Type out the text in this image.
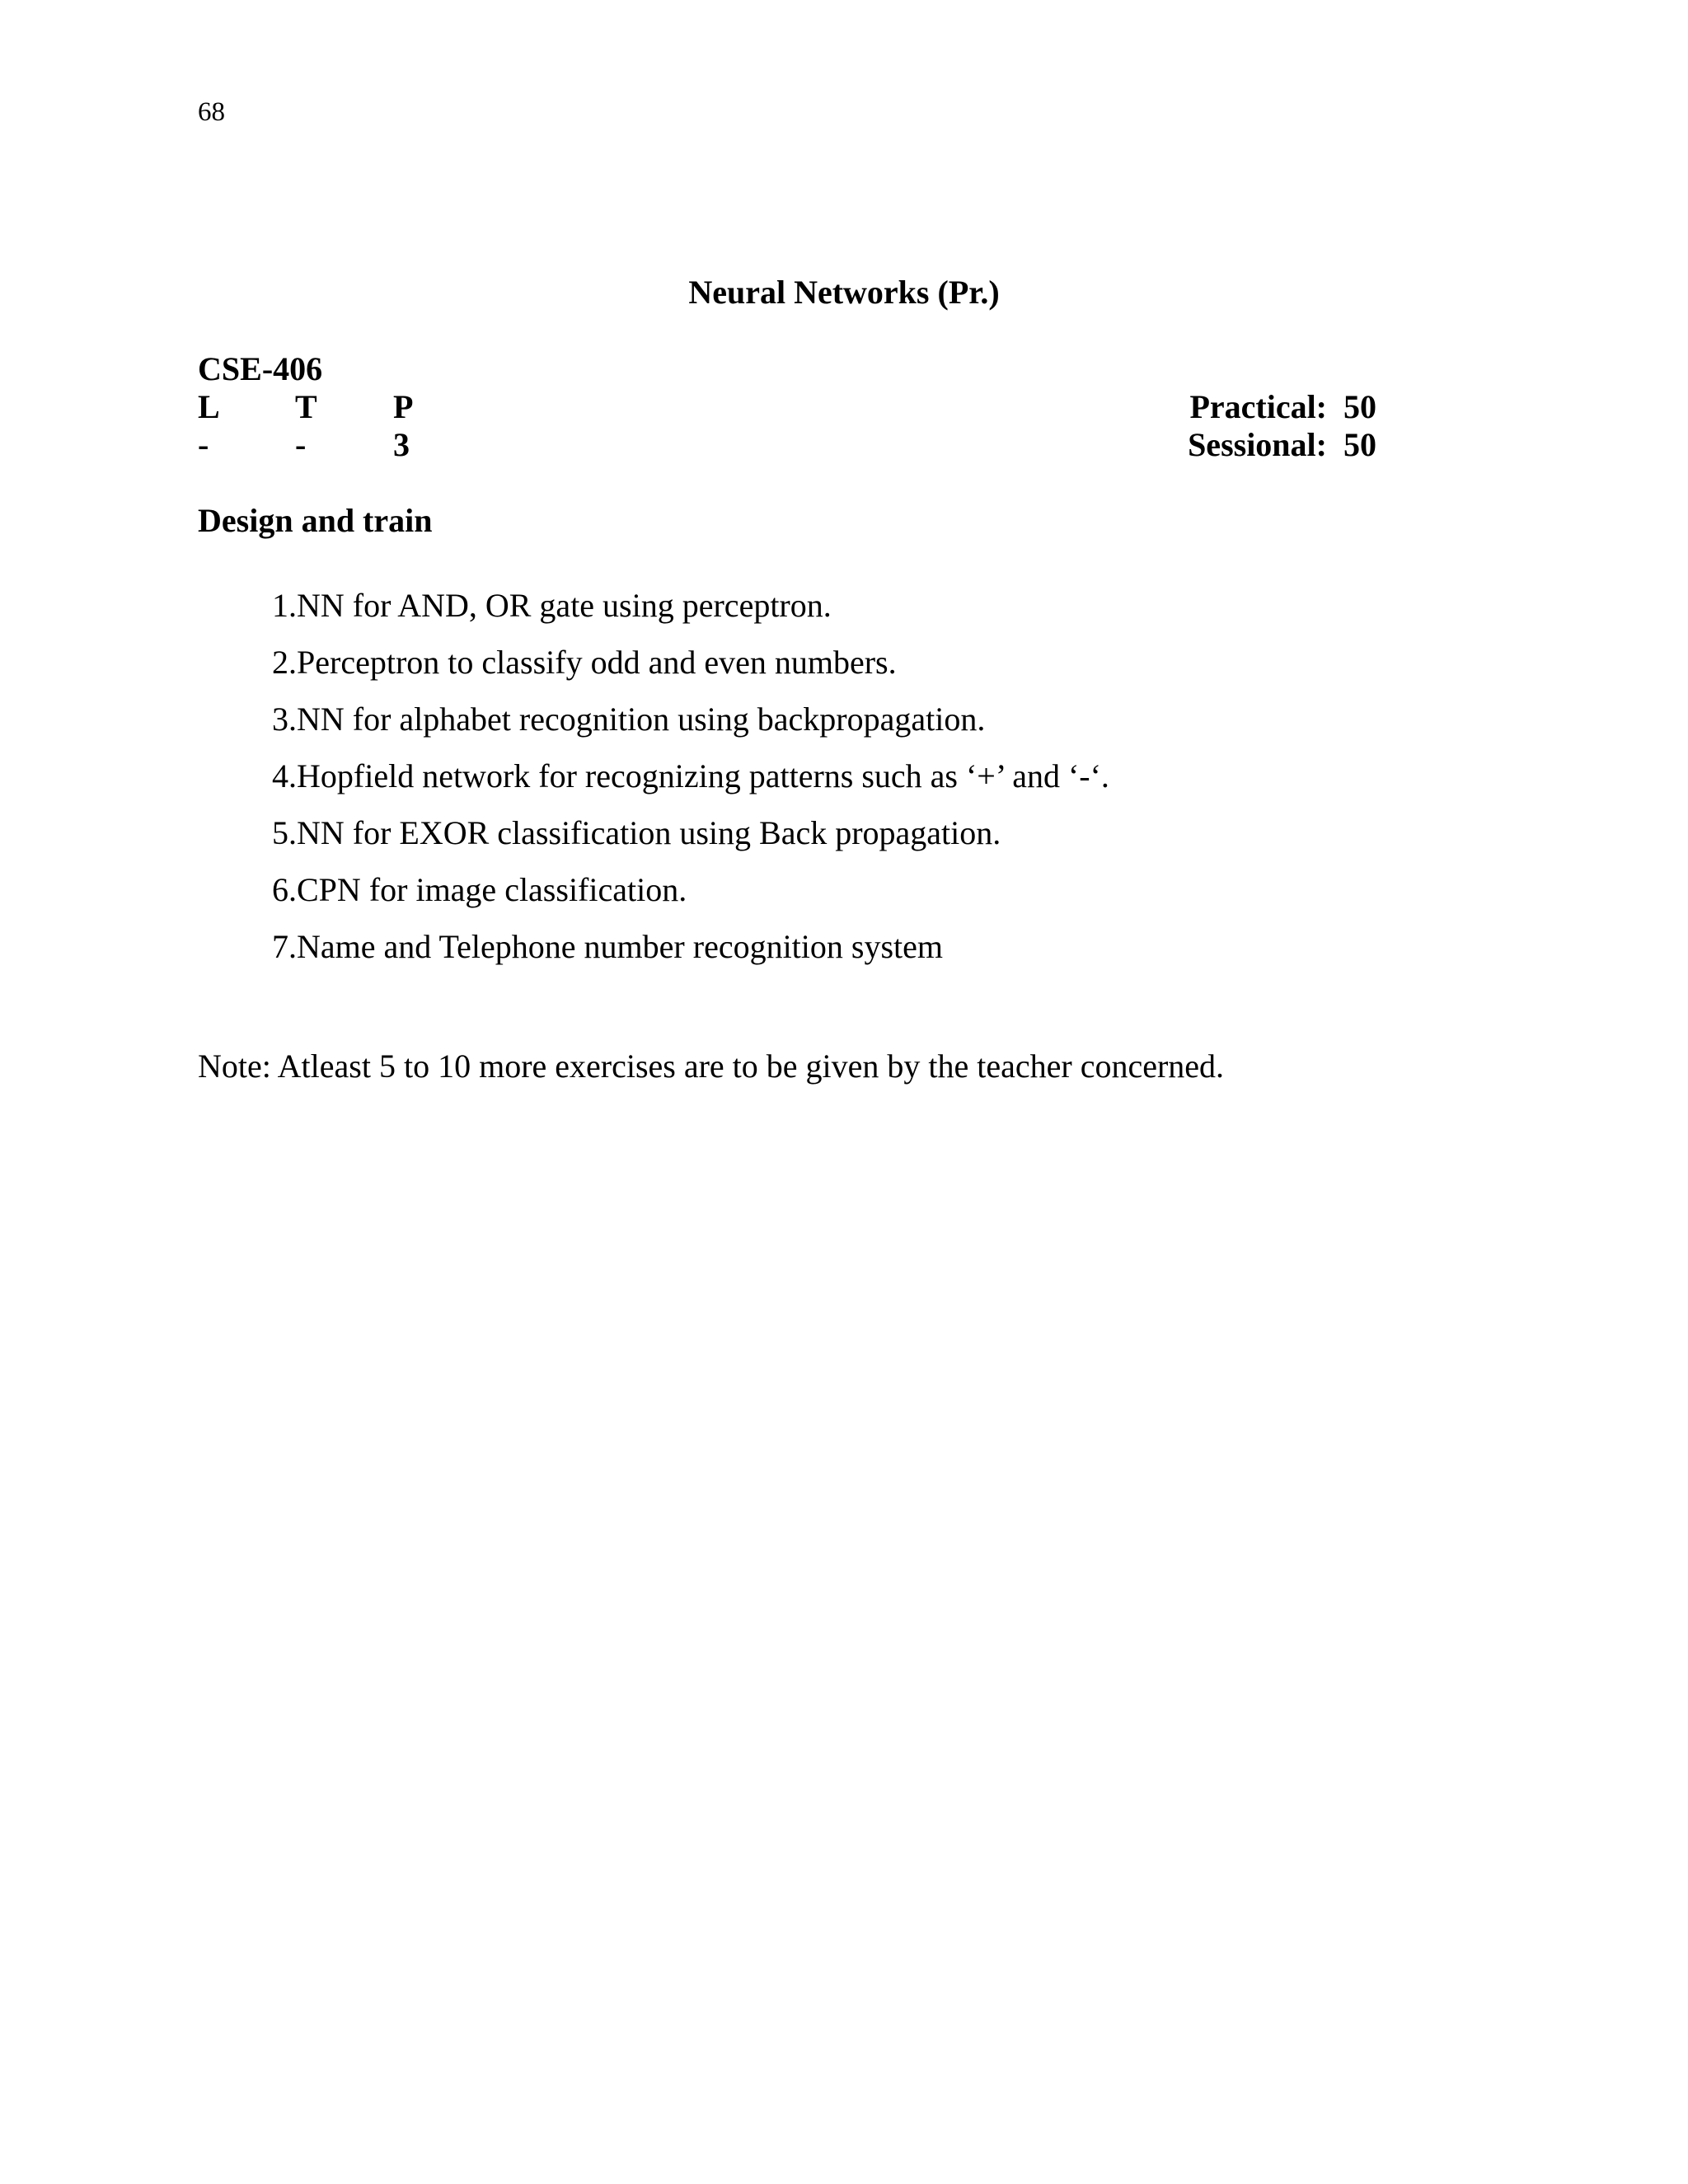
68
Neural Networks (Pr.)
CSE-406
L T P
-	-	3
Practical: 50
Sessional: 50
Design and train
1. NN for AND, OR gate using perceptron.
2. Perceptron to classify odd and even numbers.
3. NN for alphabet recognition using backpropagation.
4. Hopfield network for recognizing patterns such as ‘+’ and ‘-‘.
5. NN for EXOR classification using Back propagation.
6. CPN for image classification.
7. Name and Telephone number recognition system
Note: Atleast 5 to 10 more exercises are to be given by the teacher concerned.
